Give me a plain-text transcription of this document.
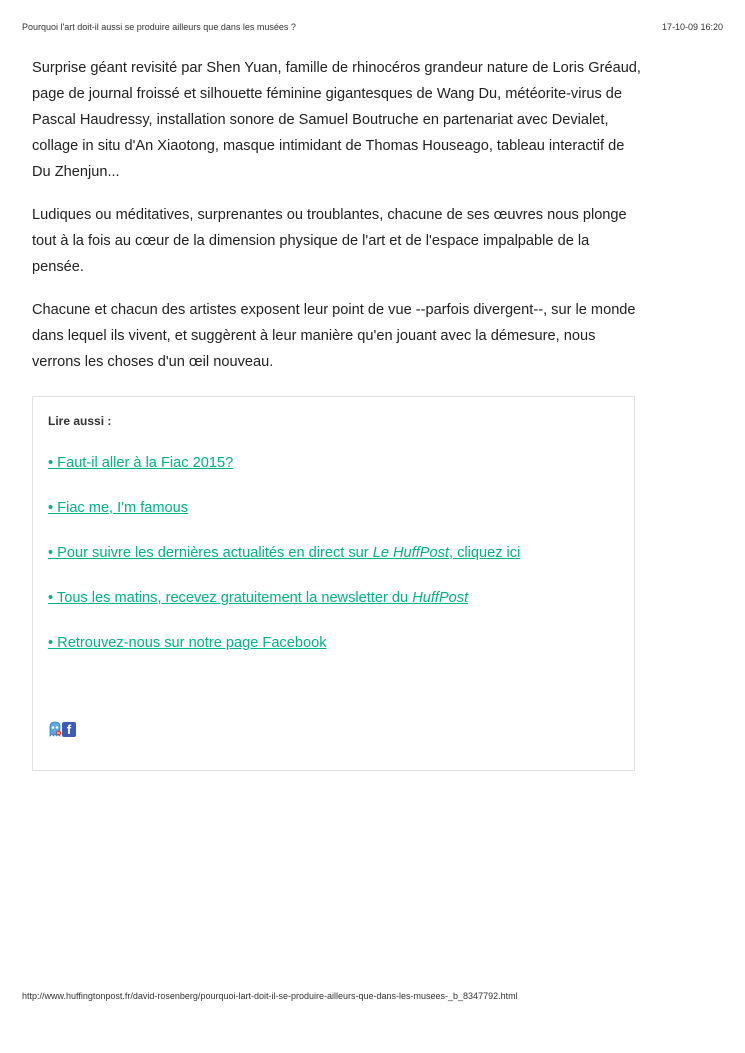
Pourquoi l'art doit-il aussi se produire ailleurs que dans les musées ?	17-10-09 16:20

Surprise géant revisité par Shen Yuan, famille de rhinocéros grandeur nature de Loris Gréaud, page de journal froissé et silhouette féminine gigantesques de Wang Du, météorite-virus de Pascal Haudressy, installation sonore de Samuel Boutruche en partenariat avec Devialet, collage in situ d'An Xiaotong, masque intimidant de Thomas Houseago, tableau interactif de Du Zhenjun...

Ludiques ou méditatives, surprenantes ou troublantes, chacune de ses œuvres nous plonge tout à la fois au cœur de la dimension physique de l'art et de l'espace impalpable de la pensée.

Chacune et chacun des artistes exposent leur point de vue --parfois divergent--, sur le monde dans lequel ils vivent, et suggèrent à leur manière qu'en jouant avec la démesure, nous verrons les choses d'un œil nouveau.

Lire aussi :
• Faut-il aller à la Fiac 2015?
• Fiac me, I'm famous
• Pour suivre les dernières actualités en direct sur Le HuffPost, cliquez ici
• Tous les matins, recevez gratuitement la newsletter du HuffPost
• Retrouvez-nous sur notre page Facebook
f
http://www.huffingtonpost.fr/david-rosenberg/pourquoi-lart-doit-il-se-produire-ailleurs-que-dans-les-musees-_b_8347792.html
